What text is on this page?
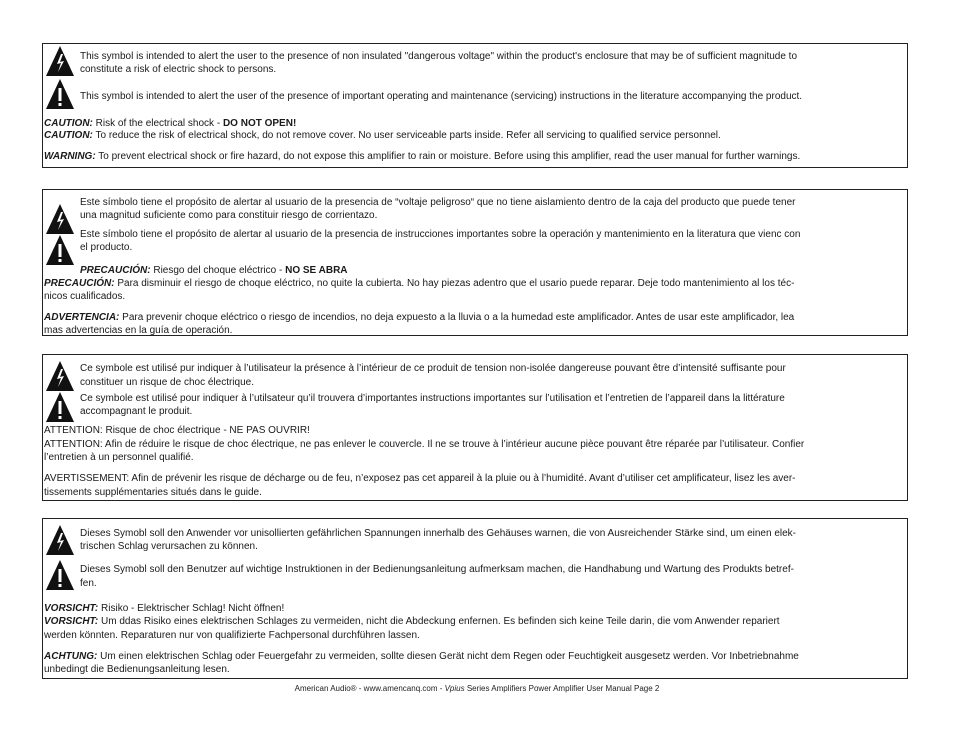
This symbol is intended to alert the user to the presence of non insulated "dangerous voltage" within the product's enclosure that may be of sufficient magnitude to
constitute a risk of electric shock to persons.
This symbol is intended to alert the user of the presence of important operating and maintenance (servicing) instructions in the literature accompanying the product.
CAUTION: Risk of the electrical shock - DO NOT OPEN!
CAUTION: To reduce the risk of electrical shock, do not remove cover. No user serviceable parts inside. Refer all servicing to qualified service personnel.
WARNING: To prevent electrical shock or fire hazard, do not expose this amplifier to rain or moisture. Before using this amplifier, read the user manual for further warnings.
Este símbolo tiene el propósito de alertar al usuario de la presencia de “voltaje peligroso“ que no tiene aislamiento dentro de la caja del producto que puede tener
una magnitud suficiente como para constituir riesgo de corrientazo.
Este símbolo tiene el propósito de alertar al usuario de la presencia de instrucciones importantes sobre la operación y mantenimiento en la literatura que vienc con
el producto.
PRECAUCIÓN: Riesgo del choque eléctrico - NO SE ABRA
PRECAUCIÓN: Para disminuir el riesgo de choque eléctrico, no quite la cubierta. No hay piezas adentro que el usario puede reparar. Deje todo mantenimiento al los téc-
nicos cualificados.
ADVERTENCIA: Para prevenir choque eléctrico o riesgo de incendios, no deja expuesto a la lluvia o a la humedad este amplificador. Antes de usar este amplificador, lea
mas advertencias en la guía de operación.
Ce symbole est utilisé pur indiquer à l’utilisateur la présence à l’intérieur de ce produit de tension non-isolée dangereuse pouvant être d’intensité suffisante pour
constituer un risque de choc électrique.
Ce symbole est utilisé pour indiquer à l’utilsateur qu’il trouvera d’importantes instructions importantes sur l’utilisation et l’entretien de l’appareil dans la littérature
accompagnant le produit.
ATTENTION: Risque de choc électrique - NE PAS OUVRIR!
ATTENTION: Afin de réduire le risque de choc électrique, ne pas enlever le couvercle. Il ne se trouve à l’intérieur aucune pièce pouvant être réparée par l’utilisateur. Confier
l’entretien à un personnel qualifié.
AVERTISSEMENT: Afin de prévenir les risque de décharge ou de feu, n’exposez pas cet appareil à la pluie ou à l’humidité. Avant d’utiliser cet amplificateur, lisez les aver-
tissements supplémentaries situés dans le guide.
Dieses Symobl soll den Anwender vor unisollierten gefährlichen Spannungen innerhalb des Gehäuses warnen, die von Ausreichender Stärke sind, um einen elek-
trischen Schlag verursachen zu können.
Dieses Symobl soll den Benutzer auf wichtige Instruktionen in der Bedienungsanleitung aufmerksam machen, die Handhabung und Wartung des Produkts betref-
fen.
VORSICHT: Risiko - Elektrischer Schlag! Nicht öffnen!
VORSICHT: Um ddas Risiko eines elektrischen Schlages zu vermeiden, nicht die Abdeckung enfernen. Es befinden sich keine Teile darin, die vom Anwender repariert
werden könnten. Reparaturen nur von qualifizierte Fachpersonal durchführen lassen.
ACHTUNG: Um einen elektrischen Schlag oder Feuergefahr zu vermeiden, sollte diesen Gerät nicht dem Regen oder Feuchtigkeit ausgesetz werden. Vor Inbetriebnahme
unbedingt die Bedienungsanleitung lesen.
American Audio® - www.amencanq.com - Vpius Series Amplifiers Power Amplifier User Manual Page 2
